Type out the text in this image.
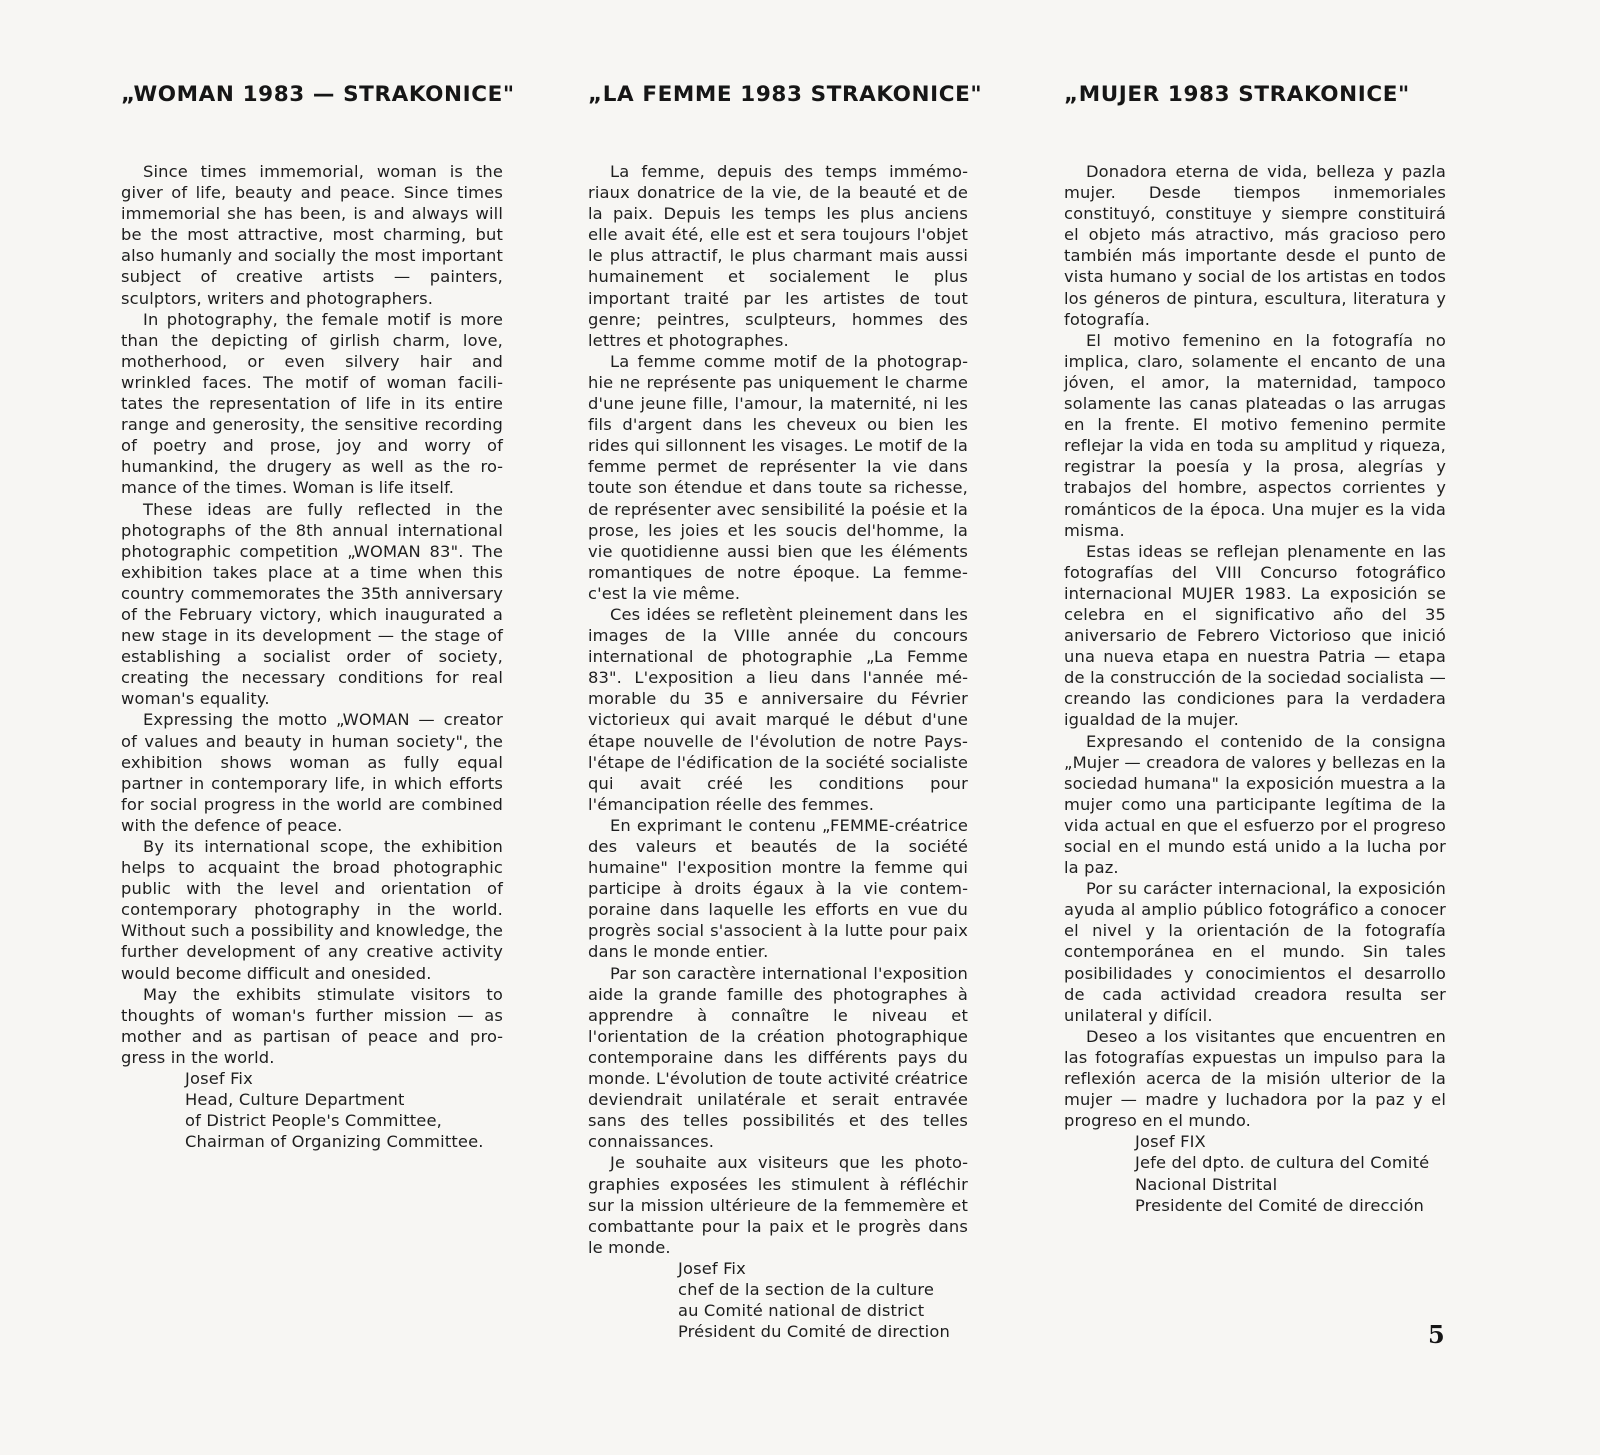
„WOMAN 1983 — STRAKONICE"

Since times immemorial, woman is the giver of life, beauty and peace. Since times immemorial she has been, is and always will be the most attractive, most charming, but also humanly and socially the most important subject of creative artists — painters, sculptors, writers and photographers.

In photography, the female motif is more than the depicting of girlish charm, love, motherhood, or even silvery hair and wrinkled faces. The motif of woman facilitates the representation of life in its entire range and generosity, the sensitive recording of poetry and prose, joy and worry of humankind, the drugery as well as the romance of the times. Woman is life itself.

These ideas are fully reflected in the photographs of the 8th annual international photographic competition „WOMAN 83". The exhibition takes place at a time when this country commemorates the 35th anniversary of the February victory, which inaugurated a new stage in its development — the stage of establishing a socialist order of society, creating the necessary conditions for real woman's equality.

Expressing the motto „WOMAN — creator of values and beauty in human society", the exhibition shows woman as fully equal partner in contemporary life, in which efforts for social progress in the world are combined with the defence of peace.

By its international scope, the exhibition helps to acquaint the broad photographic public with the level and orientation of contemporary photography in the world. Without such a possibility and knowledge, the further development of any creative activity would become difficult and onesided.

May the exhibits stimulate visitors to thoughts of woman's further mission — as mother and as partisan of peace and progress in the world.

Josef Fix
Head, Culture Department
of District People's Committee,
Chairman of Organizing Committee.
„LA FEMME 1983 STRAKONICE"

La femme, depuis des temps immémoriaux donatrice de la vie, de la beauté et de la paix. Depuis les temps les plus anciens elle avait été, elle est et sera toujours l'objet le plus attractif, le plus charmant mais aussi humainement et socialement le plus important traité par les artistes de tout genre; peintres, sculpteurs, hommes des lettres et photographes.

La femme comme motif de la photographie ne représente pas uniquement le charme d'une jeune fille, l'amour, la maternité, ni les fils d'argent dans les cheveux ou bien les rides qui sillonnent les visages. Le motif de la femme permet de représenter la vie dans toute son étendue et dans toute sa richesse, de représenter avec sensibilité la poésie et la prose, les joies et les soucis del'homme, la vie quotidienne aussi bien que les éléments romantiques de notre époque. La femme-c'est la vie même.

Ces idées se refletènt pleinement dans les images de la VIIIe année du concours international de photographie „La Femme 83". L'exposition a lieu dans l'année mémorable du 35 e anniversaire du Février victorieux qui avait marqué le début d'une étape nouvelle de l'évolution de notre Pays-l'étape de l'édification de la société socialiste qui avait créé les conditions pour l'émancipation réelle des femmes.

En exprimant le contenu „FEMME-créatrice des valeurs et beautés de la société humaine" l'exposition montre la femme qui participe à droits égaux à la vie contemporaine dans laquelle les efforts en vue du progrès social s'associent à la lutte pour paix dans le monde entier.

Par son caractère international l'exposition aide la grande famille des photographes à apprendre à connaître le niveau et l'orientation de la création photographique contemporaine dans les différents pays du monde. L'évolution de toute activité créatrice deviendrait unilatérale et serait entravée sans des telles possibilités et des telles connaissances.

Je souhaite aux visiteurs que les photographies exposées les stimulent à réfléchir sur la mission ultérieure de la femmemère et combattante pour la paix et le progrès dans le monde.

Josef Fix
chef de la section de la culture
au Comité national de district
Président du Comité de direction
„MUJER 1983 STRAKONICE"

Donadora eterna de vida, belleza y pazla mujer. Desde tiempos inmemoriales constituyó, constituye y siempre constituirá el objeto más atractivo, más gracioso pero también más importante desde el punto de vista humano y social de los artistas en todos los géneros de pintura, escultura, literatura y fotografía.

El motivo femenino en la fotografía no implica, claro, solamente el encanto de una jóven, el amor, la maternidad, tampoco solamente las canas plateadas o las arrugas en la frente. El motivo femenino permite reflejar la vida en toda su amplitud y riqueza, registrar la poesía y la prosa, alegrías y trabajos del hombre, aspectos corrientes y románticos de la época. Una mujer es la vida misma.

Estas ideas se reflejan plenamente en las fotografías del VIII Concurso fotográfico internacional MUJER 1983. La exposición se celebra en el significativo año del 35 aniversario de Febrero Victorioso que inició una nueva etapa en nuestra Patria — etapa de la construcción de la sociedad socialista — creando las condiciones para la verdadera igualdad de la mujer.

Expresando el contenido de la consigna „Mujer — creadora de valores y bellezas en la sociedad humana" la exposición muestra a la mujer como una participante legítima de la vida actual en que el esfuerzo por el progreso social en el mundo está unido a la lucha por la paz.

Por su carácter internacional, la exposición ayuda al amplio público fotográfico a conocer el nivel y la orientación de la fotografía contemporánea en el mundo. Sin tales posibilidades y conocimientos el desarrollo de cada actividad creadora resulta ser unilateral y difícil.

Deseo a los visitantes que encuentren en las fotografías expuestas un impulso para la reflexión acerca de la misión ulterior de la mujer — madre y luchadora por la paz y el progreso en el mundo.

Josef FIX
Jefe del dpto. de cultura del Comité
Nacional Distrital
Presidente del Comité de dirección
5
